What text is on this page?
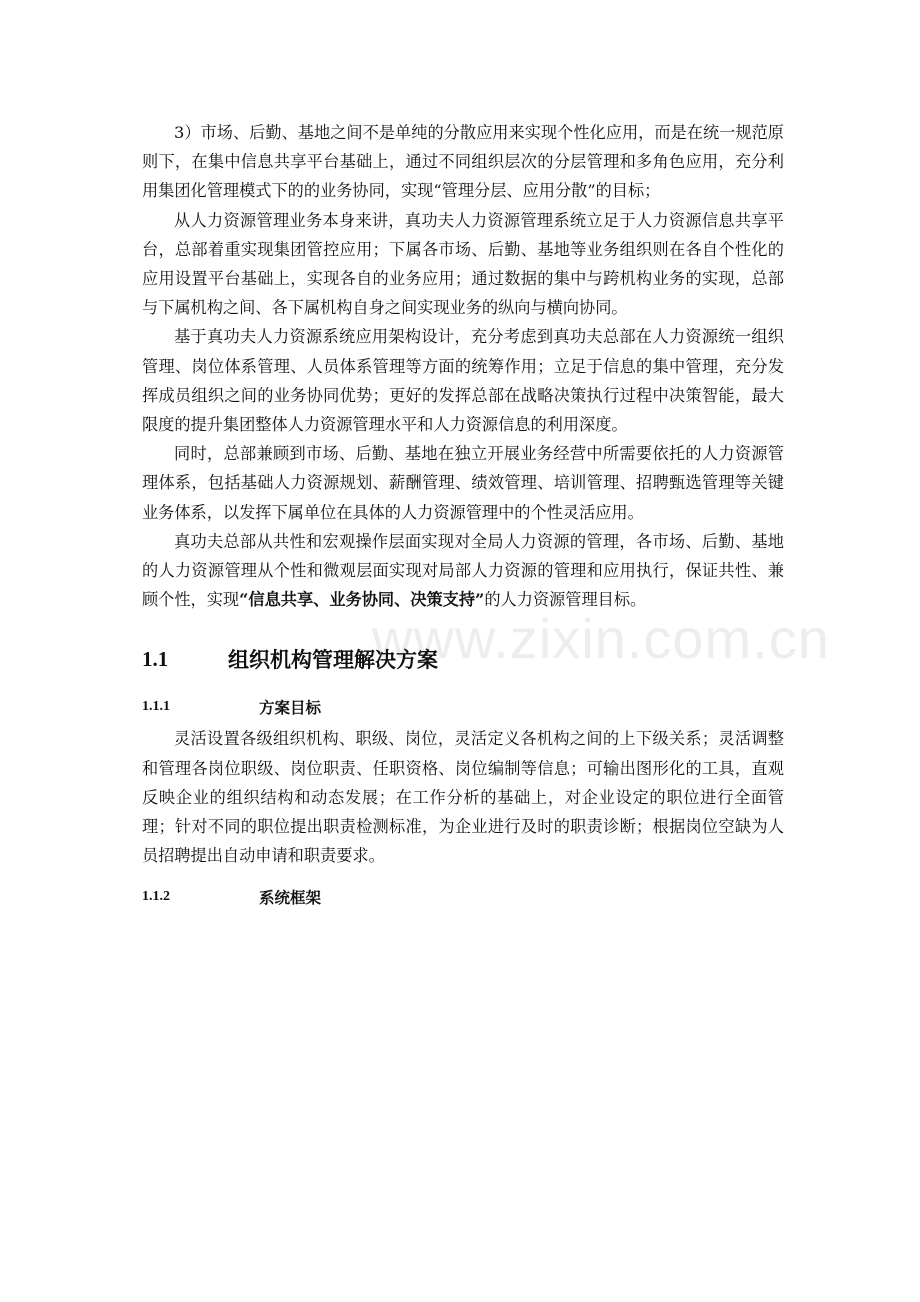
www.zixin.com.cn

3）市场、后勤、基地之间不是单纯的分散应用来实现个性化应用，而是在统一规范原则下，在集中信息共享平台基础上，通过不同组织层次的分层管理和多角色应用，充分利用集团化管理模式下的的业务协同，实现“管理分层、应用分散”的目标；

从人力资源管理业务本身来讲，真功夫人力资源管理系统立足于人力资源信息共享平台，总部着重实现集团管控应用；下属各市场、后勤、基地等业务组织则在各自个性化的应用设置平台基础上，实现各自的业务应用；通过数据的集中与跨机构业务的实现，总部与下属机构之间、各下属机构自身之间实现业务的纵向与横向协同。

基于真功夫人力资源系统应用架构设计，充分考虑到真功夫总部在人力资源统一组织管理、岗位体系管理、人员体系管理等方面的统筹作用；立足于信息的集中管理，充分发挥成员组织之间的业务协同优势；更好的发挥总部在战略决策执行过程中决策智能，最大限度的提升集团整体人力资源管理水平和人力资源信息的利用深度。

同时，总部兼顾到市场、后勤、基地在独立开展业务经营中所需要依托的人力资源管理体系，包括基础人力资源规划、薪酬管理、绩效管理、培训管理、招聘甄选管理等关键业务体系，以发挥下属单位在具体的人力资源管理中的个性灵活应用。

真功夫总部从共性和宏观操作层面实现对全局人力资源的管理，各市场、后勤、基地的人力资源管理从个性和微观层面实现对局部人力资源的管理和应用执行，保证共性、兼顾个性，实现“信息共享、业务协同、决策支持”的人力资源管理目标。

1.1	组织机构管理解决方案
1.1.1	方案目标

灵活设置各级组织机构、职级、岗位，灵活定义各机构之间的上下级关系；灵活调整和管理各岗位职级、岗位职责、任职资格、岗位编制等信息；可输出图形化的工具，直观反映企业的组织结构和动态发展；在工作分析的基础上，对企业设定的职位进行全面管理；针对不同的职位提出职责检测标准，为企业进行及时的职责诊断；根据岗位空缺为人员招聘提出自动申请和职责要求。

1.1.2	系统框架
